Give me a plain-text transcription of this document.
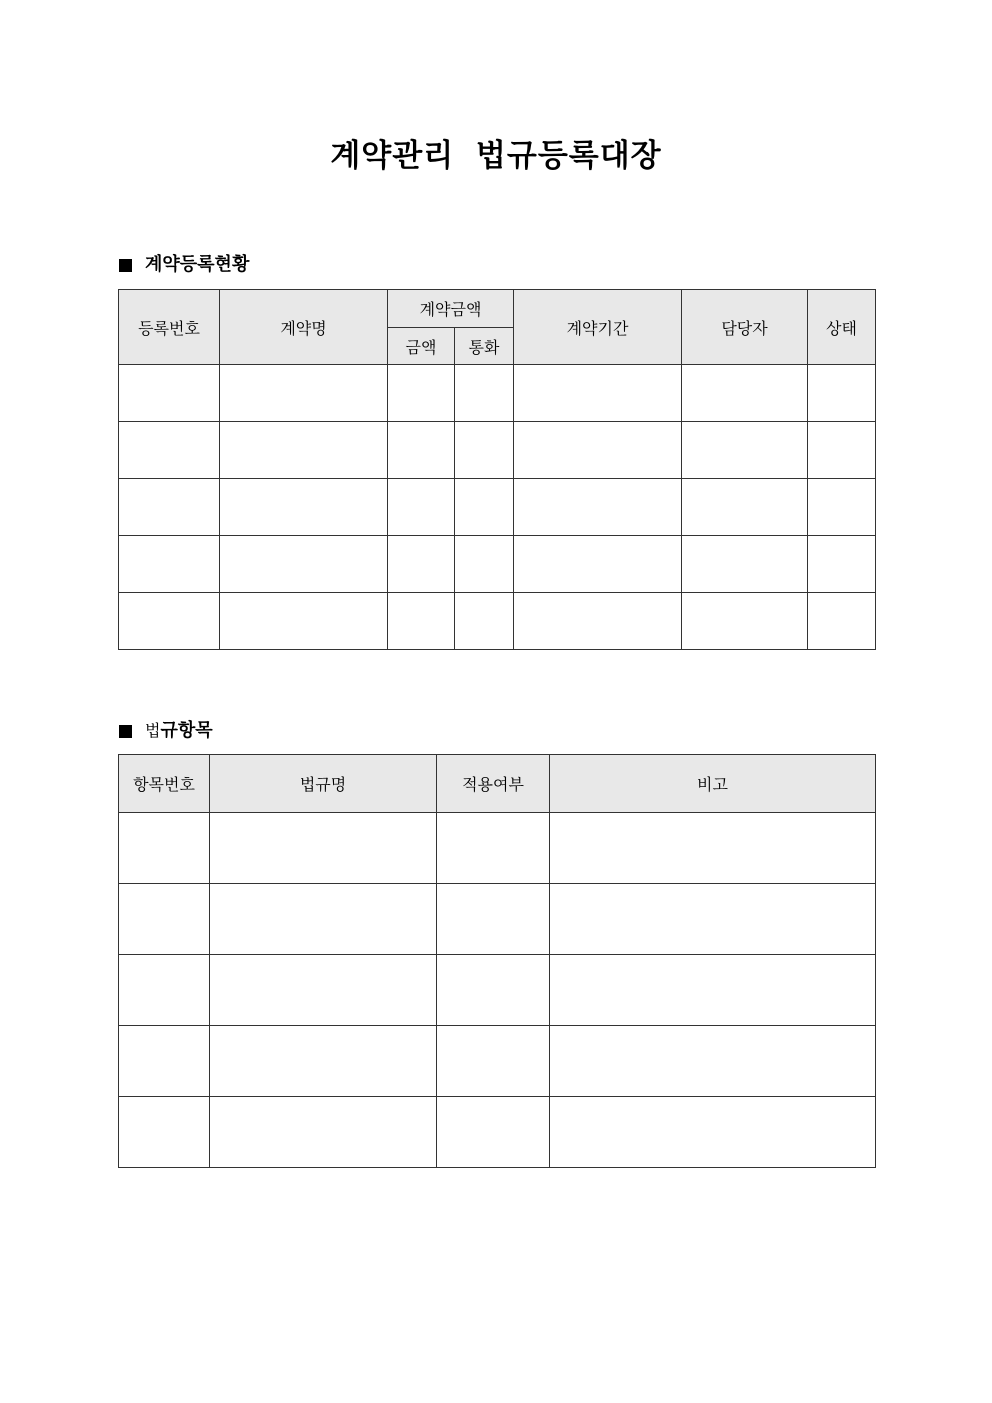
계약관리 법규등록대장
계약등록현황
등록번호	계약명	계약금액		계약기간	담당자	상태
		금액	통화			

법 규항목
항목번호	법규명	적용여부	비고
